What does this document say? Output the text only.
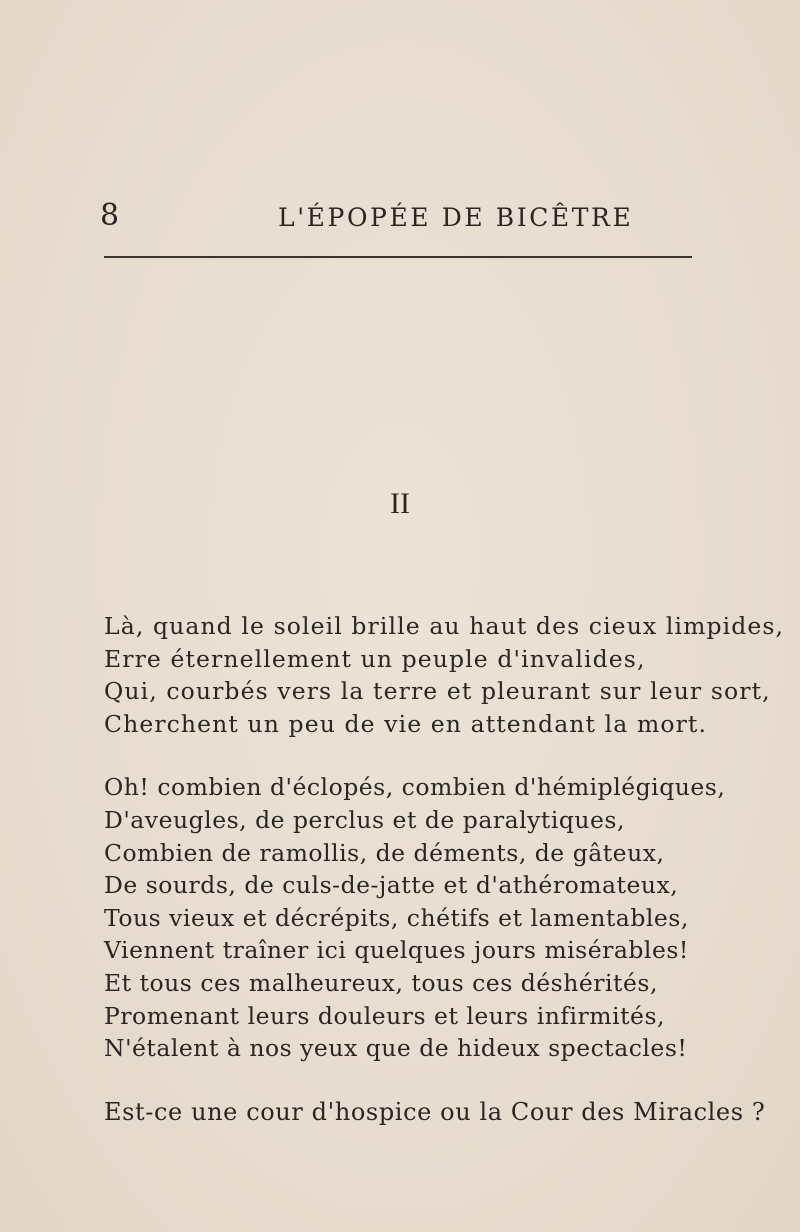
8	L'ÉPOPÉE DE BICÊTRE
II
Là, quand le soleil brille au haut des cieux limpides,
Erre éternellement un peuple d'invalides,
Qui, courbés vers la terre et pleurant sur leur sort,
Cherchent un peu de vie en attendant la mort.
Oh! combien d'éclopés, combien d'hémiplégiques,
D'aveugles, de perclus et de paralytiques,
Combien de ramollis, de déments, de gâteux,
De sourds, de culs-de-jatte et d'athéromateux,
Tous vieux et décrépits, chétifs et lamentables,
Viennent traîner ici quelques jours misérables!
Et tous ces malheureux, tous ces déshérités,
Promenant leurs douleurs et leurs infirmités,
N'étalent à nos yeux que de hideux spectacles!
Est-ce une cour d'hospice ou la Cour des Miracles ?
